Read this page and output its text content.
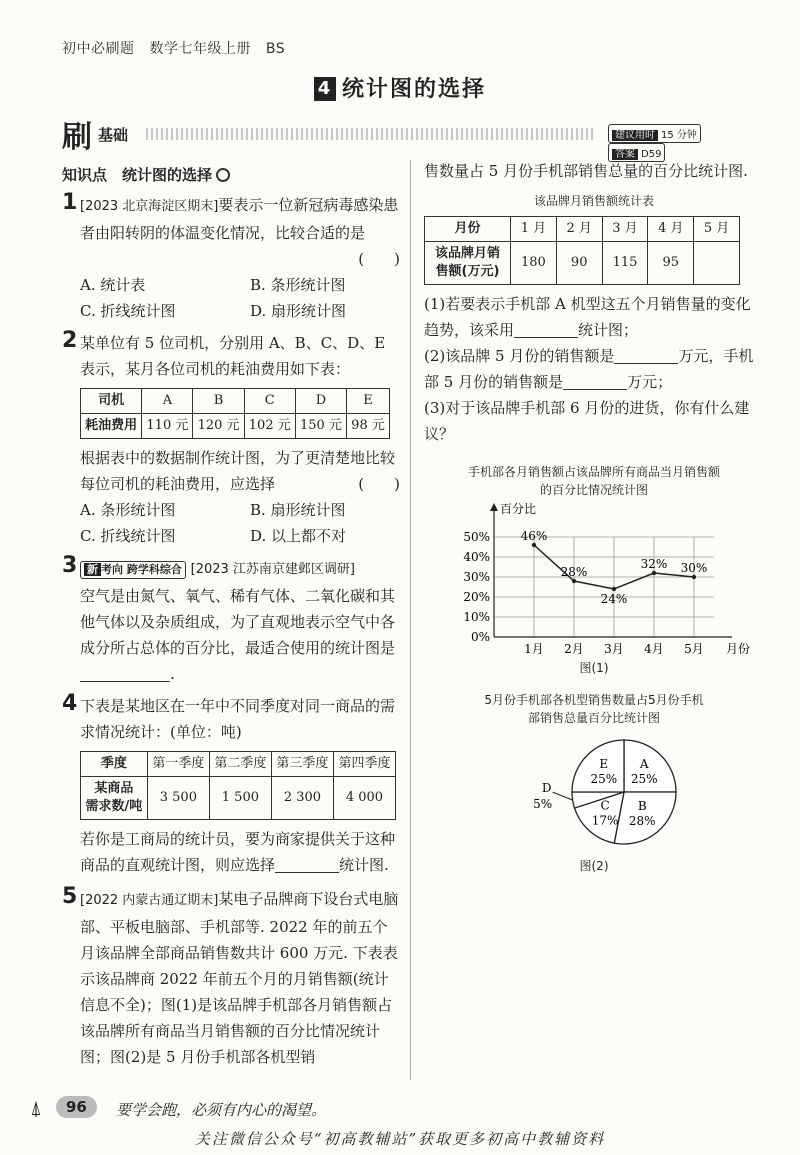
初中必刷题 数学七年级上册 BS
4 统计图的选择
刷 基础	建议用时 15 分钟 答案 D59
知识点　统计图的选择
1 [2023 北京海淀区期末]要表示一位新冠病毒感染患者由阳转阴的体温变化情况，比较合适的是
(　　)
A. 统计表	B. 条形统计图
C. 折线统计图	D. 扇形统计图
2 某单位有 5 位司机，分别用 A、B、C、D、E 表示，某月各位司机的耗油费用如下表：
司机	A	B	C	D	E
耗油费用	110 元	120 元	102 元	150 元	98 元
根据表中的数据制作统计图，为了更清楚地比较每位司机的耗油费用，应选择	(　　)
A. 条形统计图	B. 扇形统计图
C. 折线统计图	D. 以上都不对
3 新 考向 跨学科综合 [2023 江苏南京建邺区调研]
空气是由氮气、氧气、稀有气体、二氧化碳和其他气体以及杂质组成，为了直观地表示空气中各成分所占总体的百分比，最适合使用的统计图是.
4 下表是某地区在一年中不同季度对同一商品的需求情况统计：(单位：吨)
季度	第一季度	第二季度	第三季度	第四季度
某商品
需求数/吨	3 500	1 500	2 300	4 000
若你是工商局的统计员，要为商家提供关于这种商品的直观统计图，则应选择	统计图.
5 [2022 内蒙古通辽期末]某电子品牌商下设台式电脑部、平板电脑部、手机部等. 2022 年的前五个月该品牌全部商品销售数共计 600 万元. 下表表示该品牌商 2022 年前五个月的月销售额(统计信息不全)；图(1)是该品牌手机部各月销售额占该品牌所有商品当月销售额的百分比情况统计图；图(2)是 5 月份手机部各机型销
售数量占 5 月份手机部销售总量的百分比统计图.
该品牌月销售额统计表
月份	1 月	2 月	3 月	4 月	5 月
该品牌月销
售额(万元)	180	90	115	95	
(1)若要表示手机部 A 机型这五个月销售量的变化趋势，该采用	统计图；
(2)该品牌 5 月份的销售额是	万元，手机部 5 月份的销售额是	万元；
(3)对于该品牌手机部 6 月份的进货，你有什么建议？
手机部各月销售额占该品牌所有商品当月销售额的百分比情况统计图
0%
10%
20%
30%
40%
50%
1月 2月 3月 4月 5月
百分比
月份
46%
28%
24%
32% 30%
图(1)
5月份手机部各机型销售数量占5月份手机部销售总量百分比统计图
A
25%
B
28%
C
17%
D
5%
E
25%
图(2)
⍋	96	要学会跑，必须有内心的渴望。
关注微信公众号“初高教辅站”获取更多初高中教辅资料
